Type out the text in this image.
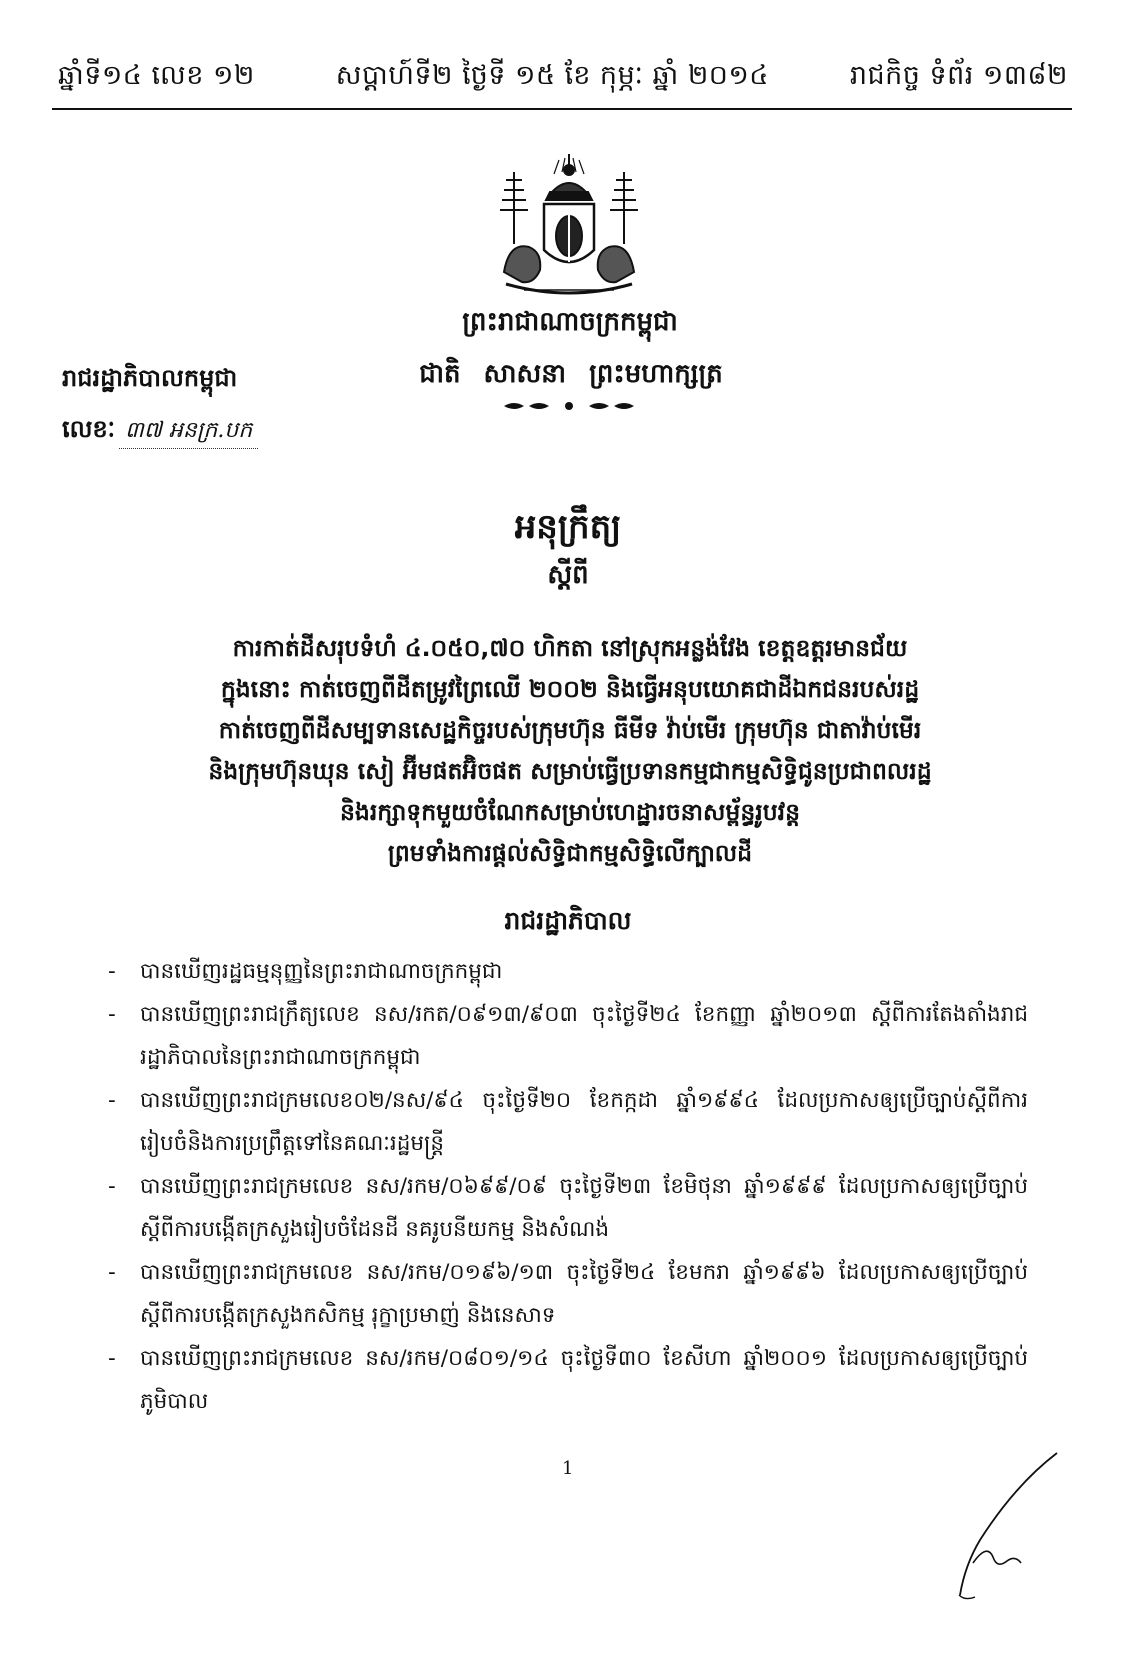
ឆ្នាំទី១៤ លេខ ១២	សប្តាហ៍ទី២ ថ្ងៃទី ១៥ ខែ កុម្ភៈ ឆ្នាំ ២០១៤	រាជកិច្ច ទំព័រ ១៣៨២
ព្រះរាជាណាចក្រកម្ពុជា
រាជរដ្ឋាភិបាលកម្ពុជា	ជាតិ សាសនា ព្រះមហាក្សត្រ
លេខៈ ៣៧ អនក្រ.បក
អនុក្រឹត្យ
ស្តីពី
ការកាត់ដីសរុបទំហំ ៤.០៥០,៧០ ហិកតា នៅស្រុកអន្លង់វែង ខេត្តឧត្តរមានជ័យ
ក្នុងនោះ កាត់ចេញពីដីតម្រូវព្រៃឈើ ២០០២ និងធ្វើអនុបយោគជាដីឯកជនរបស់រដ្ឋ
កាត់ចេញពីដីសម្បទានសេដ្ឋកិច្ចរបស់ក្រុមហ៊ុន ធីមីទ វ៉ាប់មើរ ក្រុមហ៊ុន ជាតាវ៉ាប់មើរ
និងក្រុមហ៊ុនឃុន សៀ អ៊ីមផតអ៊ិចផត សម្រាប់ធ្វើប្រទានកម្មជាកម្មសិទ្ធិជូនប្រជាពលរដ្ឋ
និងរក្សាទុកមួយចំណែកសម្រាប់ហេដ្ឋារចនាសម្ព័ន្ធរូបវន្ត
ព្រមទាំងការផ្តល់សិទ្ធិជាកម្មសិទ្ធិលើក្បាលដី
រាជរដ្ឋាភិបាល
- បានឃើញរដ្ឋធម្មនុញ្ញនៃព្រះរាជាណាចក្រកម្ពុជា
- បានឃើញព្រះរាជក្រឹត្យលេខ នស/រកត/០៩១៣/៩០៣ ចុះថ្ងៃទី២៤ ខែកញ្ញា ឆ្នាំ២០១៣ ស្តីពីការតែងតាំងរាជរដ្ឋាភិបាលនៃព្រះរាជាណាចក្រកម្ពុជា
- បានឃើញព្រះរាជក្រមលេខ០២/នស/៩៤ ចុះថ្ងៃទី២០ ខែកក្កដា ឆ្នាំ១៩៩៤ ដែលប្រកាសឲ្យប្រើច្បាប់ស្តីពីការរៀបចំនិងការប្រព្រឹត្តទៅនៃគណៈរដ្ឋមន្ត្រី
- បានឃើញព្រះរាជក្រមលេខ នស/រកម/០៦៩៩/០៩ ចុះថ្ងៃទី២៣ ខែមិថុនា ឆ្នាំ១៩៩៩ ដែលប្រកាសឲ្យប្រើច្បាប់ស្តីពីការបង្កើតក្រសួងរៀបចំដែនដី នគរូបនីយកម្ម និងសំណង់
- បានឃើញព្រះរាជក្រមលេខ នស/រកម/០១៩៦/១៣ ចុះថ្ងៃទី២៤ ខែមករា ឆ្នាំ១៩៩៦ ដែលប្រកាសឲ្យប្រើច្បាប់ ស្តីពីការបង្កើតក្រសួងកសិកម្ម រុក្ខាប្រមាញ់ និងនេសាទ
- បានឃើញព្រះរាជក្រមលេខ នស/រកម/០៨០១/១៤ ចុះថ្ងៃទី៣០ ខែសីហា ឆ្នាំ២០០១ ដែលប្រកាសឲ្យប្រើច្បាប់ភូមិបាល
1
